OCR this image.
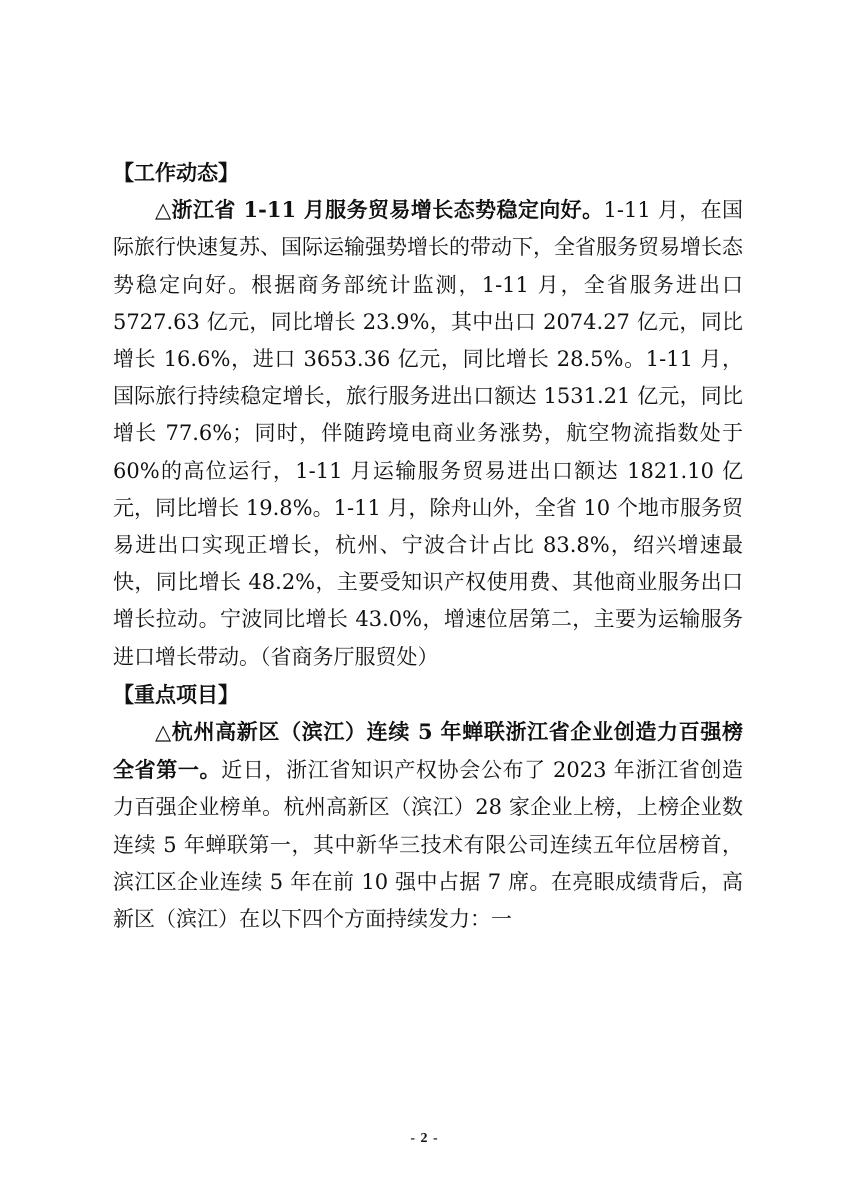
【工作动态】

△浙江省 1-11 月服务贸易增长态势稳定向好。1-11 月，在国际旅行快速复苏、国际运输强势增长的带动下，全省服务贸易增长态势稳定向好。根据商务部统计监测，1-11 月，全省服务进出口 5727.63 亿元，同比增长 23.9%，其中出口 2074.27 亿元，同比增长 16.6%，进口 3653.36 亿元，同比增长 28.5%。1-11 月，国际旅行持续稳定增长，旅行服务进出口额达 1531.21 亿元，同比增长 77.6%；同时，伴随跨境电商业务涨势，航空物流指数处于 60%的高位运行，1-11 月运输服务贸易进出口额达 1821.10 亿元，同比增长 19.8%。1-11 月，除舟山外，全省 10 个地市服务贸易进出口实现正增长，杭州、宁波合计占比 83.8%，绍兴增速最快，同比增长 48.2%，主要受知识产权使用费、其他商业服务出口增长拉动。宁波同比增长 43.0%，增速位居第二，主要为运输服务进口增长带动。（省商务厅服贸处）

【重点项目】

△杭州高新区（滨江）连续 5 年蝉联浙江省企业创造力百强榜全省第一。近日，浙江省知识产权协会公布了 2023 年浙江省创造力百强企业榜单。杭州高新区（滨江）28 家企业上榜，上榜企业数连续 5 年蝉联第一，其中新华三技术有限公司连续五年位居榜首，滨江区企业连续 5 年在前 10 强中占据 7 席。在亮眼成绩背后，高新区（滨江）在以下四个方面持续发力：一

- 2 -
